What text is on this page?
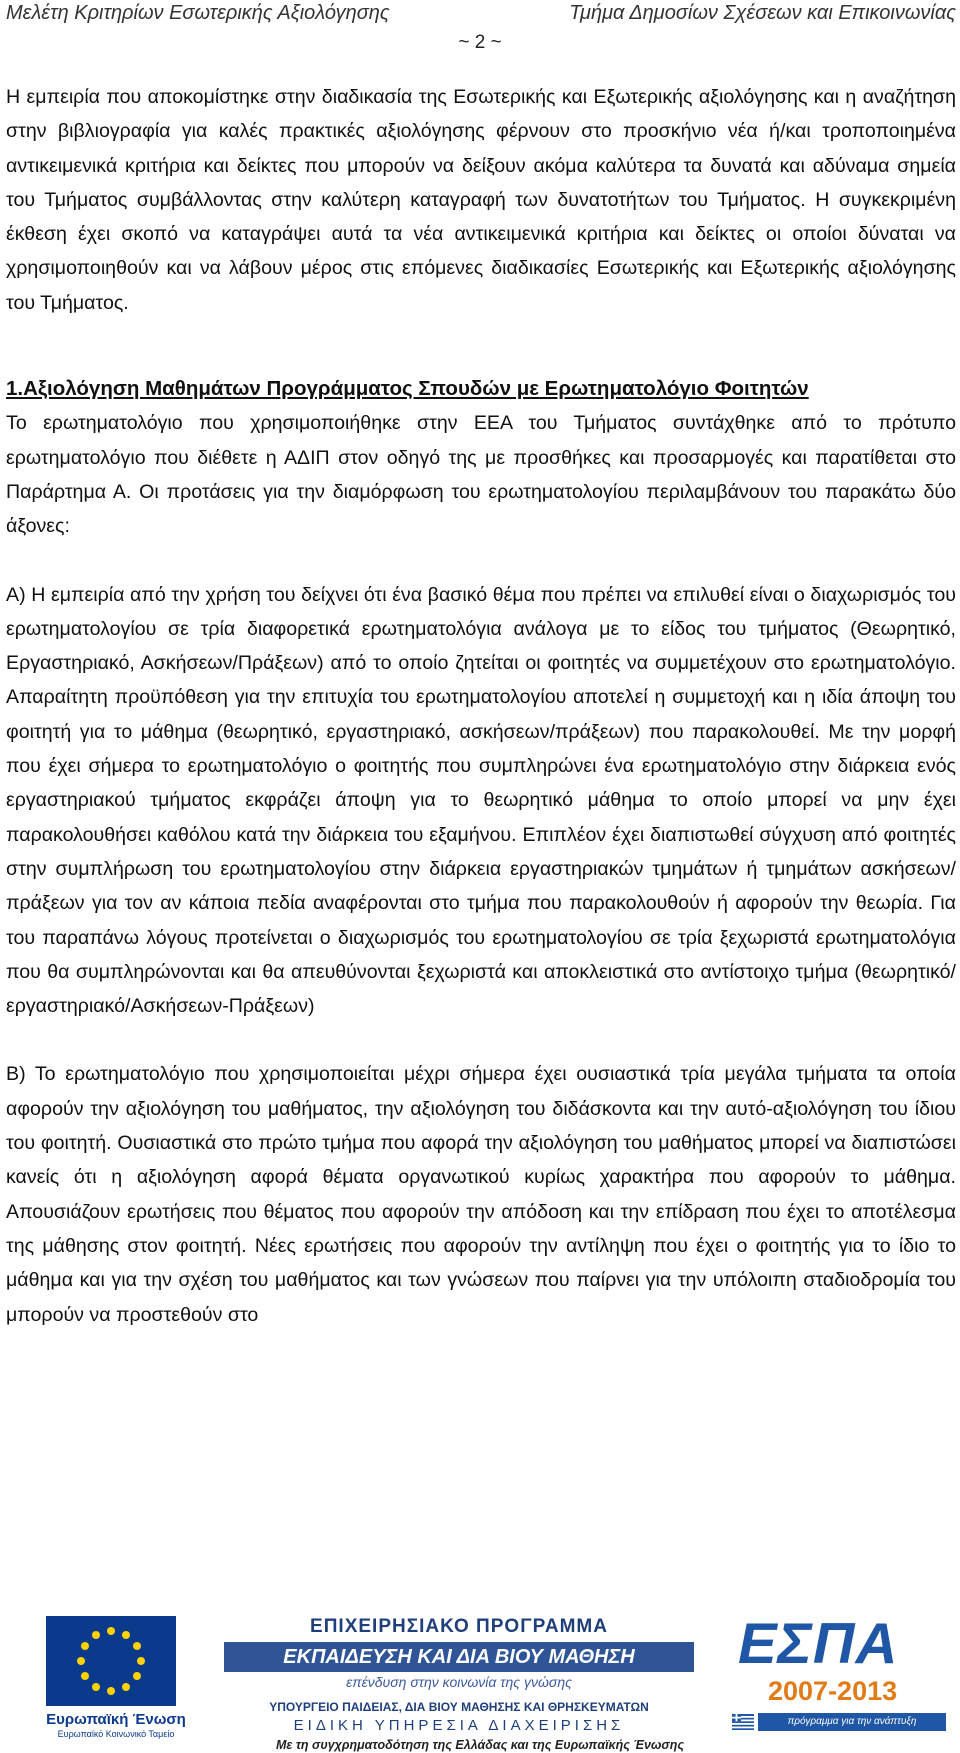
Μελέτη Κριτηρίων Εσωτερικής Αξιολόγησης	Τμήμα Δημοσίων Σχέσεων και Επικοινωνίας
~ 2 ~

Η εμπειρία που αποκομίστηκε στην διαδικασία της Εσωτερικής και Εξωτερικής αξιολόγησης και η αναζήτηση στην βιβλιογραφία για καλές πρακτικές αξιολόγησης φέρνουν στο προσκήνιο νέα ή/και τροποποιημένα αντικειμενικά κριτήρια και δείκτες που μπορούν να δείξουν ακόμα καλύτερα τα δυνατά και αδύναμα σημεία του Τμήματος συμβάλλοντας στην καλύτερη καταγραφή των δυνατοτήτων του Τμήματος. Η συγκεκριμένη έκθεση έχει σκοπό να καταγράψει αυτά τα νέα αντικειμενικά κριτήρια και δείκτες οι οποίοι δύναται να χρησιμοποιηθούν και να λάβουν μέρος στις επόμενες διαδικασίες Εσωτερικής και Εξωτερικής αξιολόγησης του Τμήματος.

1.Αξιολόγηση Μαθημάτων Προγράμματος Σπουδών με Ερωτηματολόγιο Φοιτητών

Το ερωτηματολόγιο που χρησιμοποιήθηκε στην ΕΕΑ του Τμήματος συντάχθηκε από το πρότυπο ερωτηματολόγιο που διέθετε η ΑΔΙΠ στον οδηγό της με προσθήκες και προσαρμογές και παρατίθεται στο Παράρτημα Α. Οι προτάσεις για την διαμόρφωση του ερωτηματολογίου περιλαμβάνουν του παρακάτω δύο άξονες:

Α) Η εμπειρία από την χρήση του δείχνει ότι ένα βασικό θέμα που πρέπει να επιλυθεί είναι ο διαχωρισμός του ερωτηματολογίου σε τρία διαφορετικά ερωτηματολόγια ανάλογα με το είδος του τμήματος (Θεωρητικό, Εργαστηριακό, Ασκήσεων/Πράξεων) από το οποίο ζητείται οι φοιτητές να συμμετέχουν στο ερωτηματολόγιο. Απαραίτητη προϋπόθεση για την επιτυχία του ερωτηματολογίου αποτελεί η συμμετοχή και η ιδία άποψη του φοιτητή για το μάθημα (θεωρητικό, εργαστηριακό, ασκήσεων/πράξεων) που παρακολουθεί. Με την μορφή που έχει σήμερα το ερωτηματολόγιο ο φοιτητής που συμπληρώνει ένα ερωτηματολόγιο στην διάρκεια ενός εργαστηριακού τμήματος εκφράζει άποψη για το θεωρητικό μάθημα το οποίο μπορεί να μην έχει παρακολουθήσει καθόλου κατά την διάρκεια του εξαμήνου. Επιπλέον έχει διαπιστωθεί σύγχυση από φοιτητές στην συμπλήρωση του ερωτηματολογίου στην διάρκεια εργαστηριακών τμημάτων ή τμημάτων ασκήσεων/πράξεων για τον αν κάποια πεδία αναφέρονται στο τμήμα που παρακολουθούν ή αφορούν την θεωρία. Για του παραπάνω λόγους προτείνεται ο διαχωρισμός του ερωτηματολογίου σε τρία ξεχωριστά ερωτηματολόγια που θα συμπληρώνονται και θα απευθύνονται ξεχωριστά και αποκλειστικά στο αντίστοιχο τμήμα (θεωρητικό/εργαστηριακό/Ασκήσεων-Πράξεων)

Β) Το ερωτηματολόγιο που χρησιμοποιείται μέχρι σήμερα έχει ουσιαστικά τρία μεγάλα τμήματα τα οποία αφορούν την αξιολόγηση του μαθήματος, την αξιολόγηση του διδάσκοντα και την αυτό-αξιολόγηση του ίδιου του φοιτητή. Ουσιαστικά στο πρώτο τμήμα που αφορά την αξιολόγηση του μαθήματος μπορεί να διαπιστώσει κανείς ότι η αξιολόγηση αφορά θέματα οργανωτικού κυρίως χαρακτήρα που αφορούν το μάθημα. Απουσιάζουν ερωτήσεις που θέματος που αφορούν την απόδοση και την επίδραση που έχει το αποτέλεσμα της μάθησης στον φοιτητή. Νέες ερωτήσεις που αφορούν την αντίληψη που έχει ο φοιτητής για το ίδιο το μάθημα και για την σχέση του μαθήματος και των γνώσεων που παίρνει για την υπόλοιπη σταδιοδρομία του μπορούν να προστεθούν στο

Ευρωπαϊκή Ένωση
Ευρωπαϊκό Κοινωνικό Ταμείο
ΕΠΙΧΕΙΡΗΣΙΑΚΟ ΠΡΟΓΡΑΜΜΑ
ΕΚΠΑΙΔΕΥΣΗ ΚΑΙ ΔΙΑ ΒΙΟΥ ΜΑΘΗΣΗ
επένδυση στην κοινωνία της γνώσης
ΥΠΟΥΡΓΕΙΟ ΠΑΙΔΕΙΑΣ, ΔΙΑ ΒΙΟΥ ΜΑΘΗΣΗΣ ΚΑΙ ΘΡΗΣΚΕΥΜΑΤΩΝ
ΕΙΔΙΚΗ ΥΠΗΡΕΣΙΑ ΔΙΑΧΕΙΡΙΣΗΣ
ΕΣΠΑ
2007-2013
πρόγραμμα για την ανάπτυξη
Με τη συγχρηματοδότηση της Ελλάδας και της Ευρωπαϊκής Ένωσης
